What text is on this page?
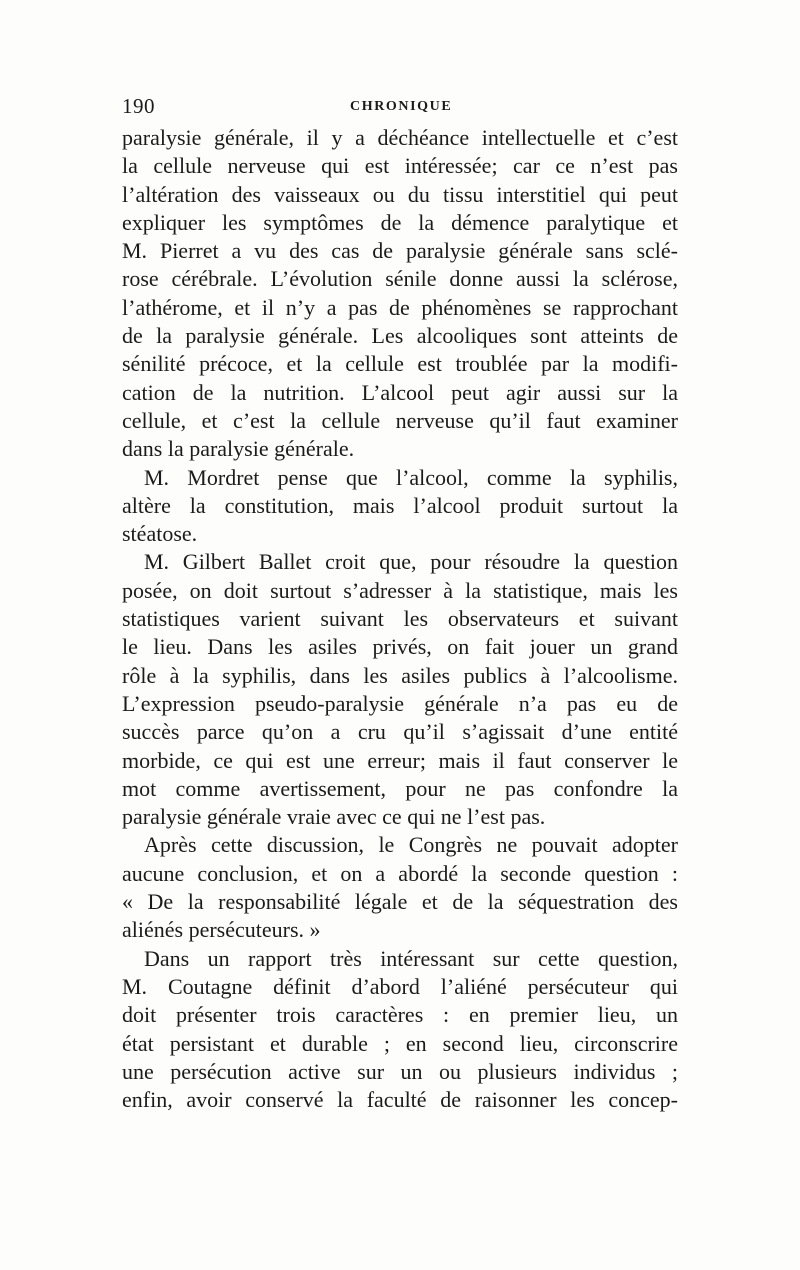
190	CHRONIQUE
paralysie générale, il y a déchéance intellectuelle et c’est
la cellule nerveuse qui est intéressée; car ce n’est pas
l’altération des vaisseaux ou du tissu interstitiel qui peut
expliquer les symptômes de la démence paralytique et
M. Pierret a vu des cas de paralysie générale sans sclé-
rose cérébrale. L’évolution sénile donne aussi la sclérose,
l’athérome, et il n’y a pas de phénomènes se rapprochant
de la paralysie générale. Les alcooliques sont atteints de
sénilité précoce, et la cellule est troublée par la modifi-
cation de la nutrition. L’alcool peut agir aussi sur la
cellule, et c’est la cellule nerveuse qu’il faut examiner
dans la paralysie générale.
M. Mordret pense que l’alcool, comme la syphilis,
altère la constitution, mais l’alcool produit surtout la
stéatose.
M. Gilbert Ballet croit que, pour résoudre la question
posée, on doit surtout s’adresser à la statistique, mais les
statistiques varient suivant les observateurs et suivant
le lieu. Dans les asiles privés, on fait jouer un grand
rôle à la syphilis, dans les asiles publics à l’alcoolisme.
L’expression pseudo-paralysie générale n’a pas eu de
succès parce qu’on a cru qu’il s’agissait d’une entité
morbide, ce qui est une erreur; mais il faut conserver le
mot comme avertissement, pour ne pas confondre la
paralysie générale vraie avec ce qui ne l’est pas.
Après cette discussion, le Congrès ne pouvait adopter
aucune conclusion, et on a abordé la seconde question :
« De la responsabilité légale et de la séquestration des
aliénés persécuteurs. »
Dans un rapport très intéressant sur cette question,
M. Coutagne définit d’abord l’aliéné persécuteur qui
doit présenter trois caractères : en premier lieu, un
état persistant et durable ; en second lieu, circonscrire
une persécution active sur un ou plusieurs individus ;
enfin, avoir conservé la faculté de raisonner les concep-
